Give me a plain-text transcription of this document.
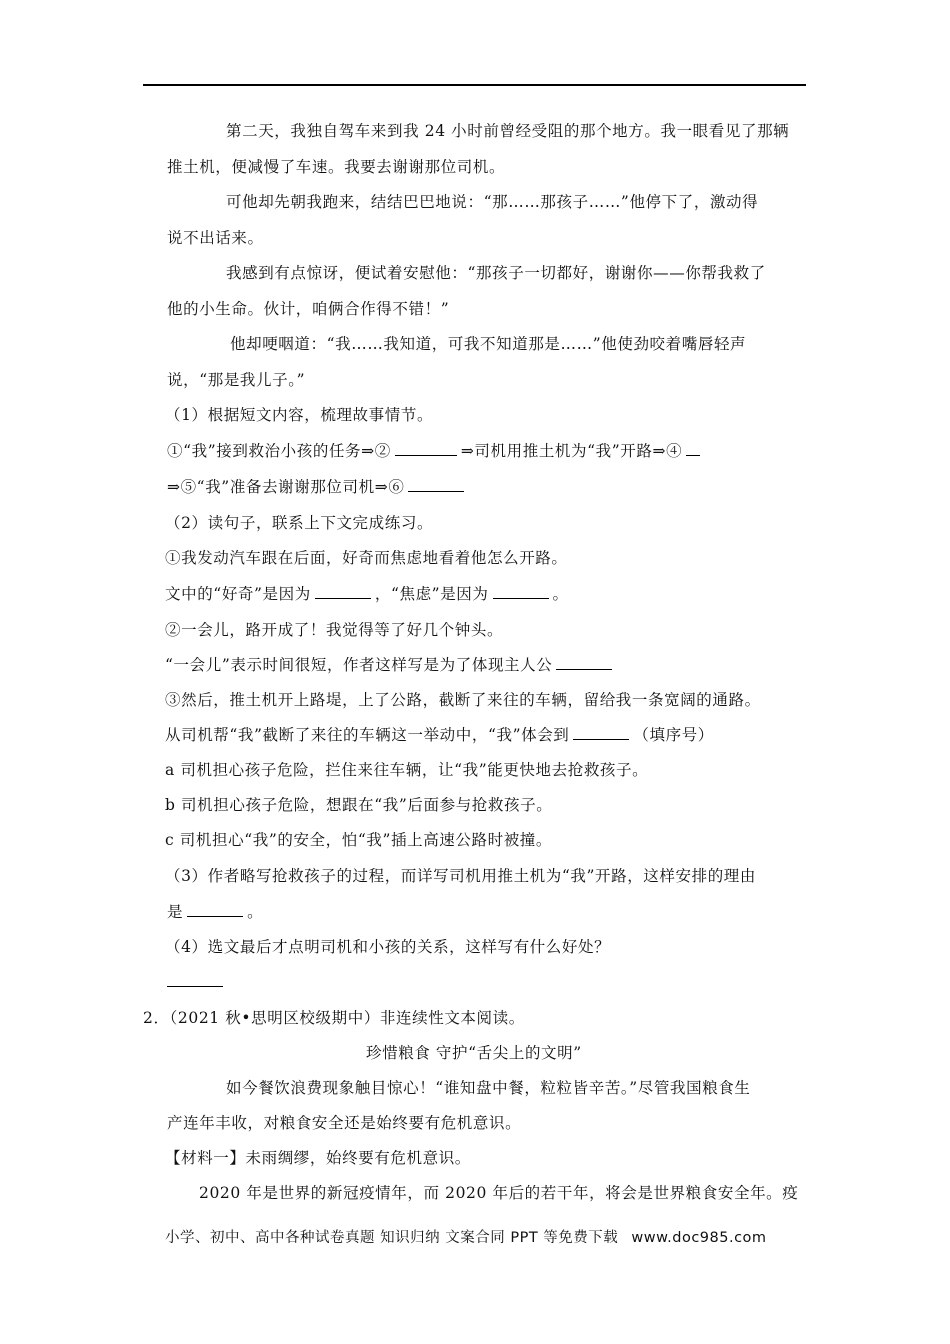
第二天，我独自驾车来到我 24 小时前曾经受阻的那个地方。我一眼看见了那辆
推土机，便减慢了车速。我要去谢谢那位司机。
可他却先朝我跑来，结结巴巴地说：“那……那孩子……”他停下了，激动得
说不出话来。
我感到有点惊讶，便试着安慰他：“那孩子一切都好，谢谢你——你帮我救了
他的小生命。伙计，咱俩合作得不错！”
他却哽咽道：“我……我知道，可我不知道那是……”他使劲咬着嘴唇轻声
说，“那是我儿子。”
（1）根据短文内容，梳理故事情节。
①“我”接到救治小孩的任务⇒②	⇒司机用推土机为“我”开路⇒④
⇒⑤“我”准备去谢谢那位司机⇒⑥
（2）读句子，联系上下文完成练习。
①我发动汽车跟在后面，好奇而焦虑地看着他怎么开路。
文中的“好奇”是因为	，“焦虑”是因为	。
②一会儿，路开成了！我觉得等了好几个钟头。
“一会儿”表示时间很短，作者这样写是为了体现主人公
③然后，推土机开上路堤，上了公路，截断了来往的车辆，留给我一条宽阔的通路。
从司机帮“我”截断了来往的车辆这一举动中，“我”体会到	（填序号）
a 司机担心孩子危险，拦住来往车辆，让“我”能更快地去抢救孩子。
b 司机担心孩子危险，想跟在“我”后面参与抢救孩子。
c 司机担心“我”的安全，怕“我”插上高速公路时被撞。
（3）作者略写抢救孩子的过程，而详写司机用推土机为“我”开路，这样安排的理由
是	。
（4）选文最后才点明司机和小孩的关系，这样写有什么好处？
2．（2021 秋•思明区校级期中）非连续性文本阅读。
珍惜粮食 守护“舌尖上的文明”
如今餐饮浪费现象触目惊心！“谁知盘中餐，粒粒皆辛苦。”尽管我国粮食生
产连年丰收，对粮食安全还是始终要有危机意识。
【材料一】未雨绸缪，始终要有危机意识。
2020 年是世界的新冠疫情年，而 2020 年后的若干年，将会是世界粮食安全年。疫
小学、初中、高中各种试卷真题 知识归纳 文案合同 PPT 等免费下载 www.doc985.com
